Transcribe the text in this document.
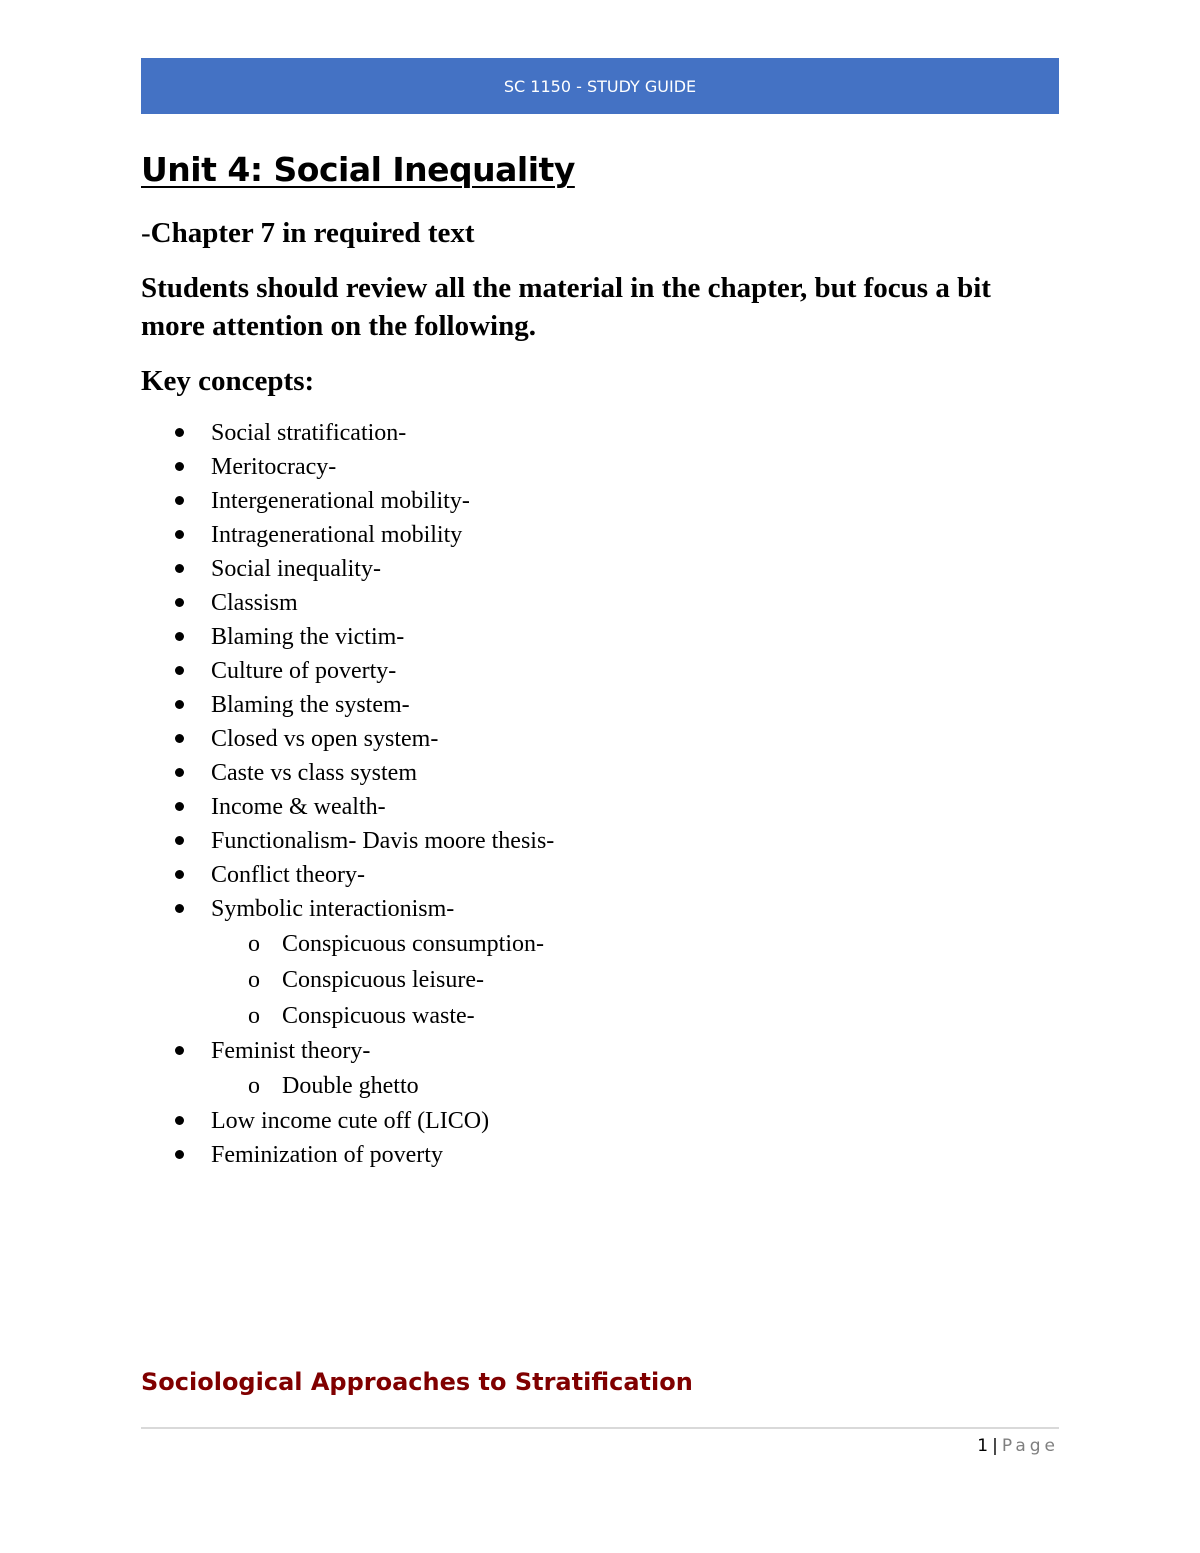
SC 1150 - STUDY GUIDE
Unit 4: Social Inequality

-Chapter 7 in required text

Students should review all the material in the chapter, but focus a bit more attention on the following.

Key concepts:

Social stratification-
Meritocracy-
Intergenerational mobility-
Intragenerational mobility
Social inequality-
Classism
Blaming the victim-
Culture of poverty-
Blaming the system-
Closed vs open system-
Caste vs class system
Income & wealth-
Functionalism- Davis moore thesis-
Conflict theory-
Symbolic interactionism-
o Conspicuous consumption-
o Conspicuous leisure-
o Conspicuous waste-
Feminist theory-
o Double ghetto
Low income cute off (LICO)
Feminization of poverty
Sociological Approaches to Stratification
1 | Page
